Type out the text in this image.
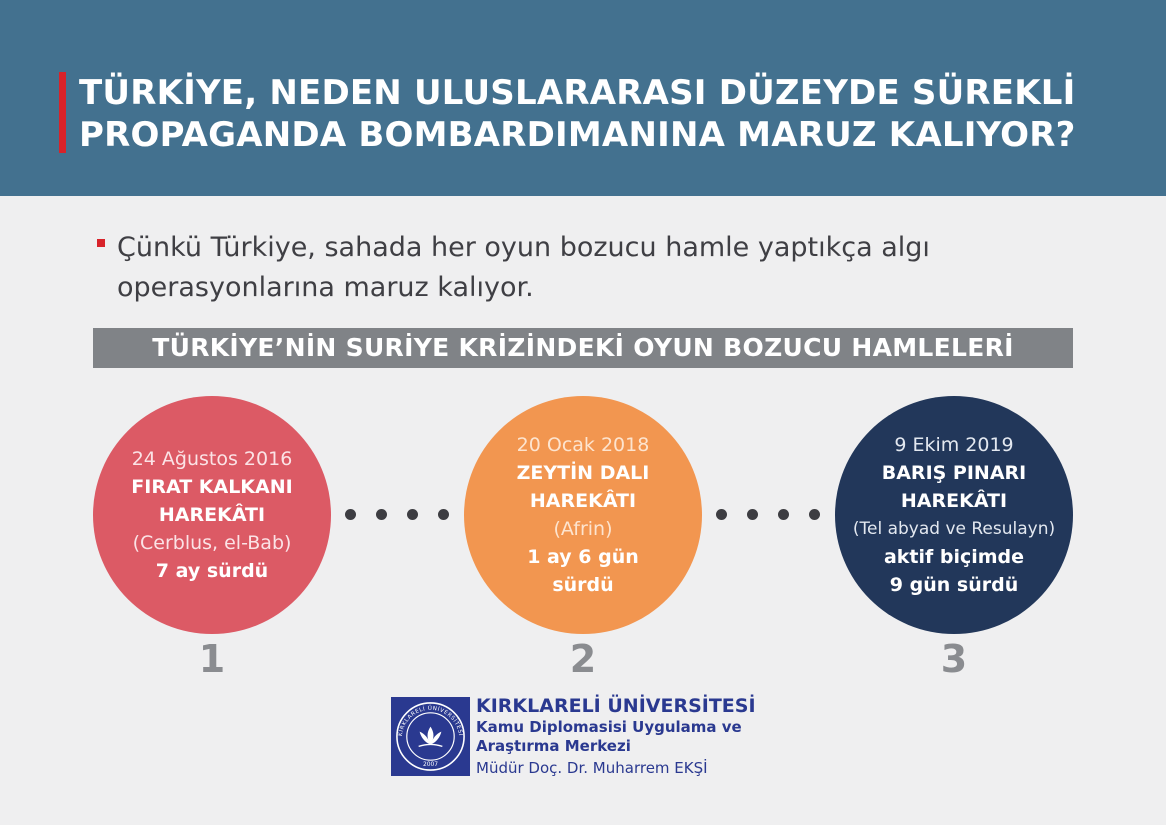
TÜRKİYE, NEDEN ULUSLARARASI DÜZEYDE SÜREKLİ
PROPAGANDA BOMBARDIMANINA MARUZ KALIYOR?
Çünkü Türkiye, sahada her oyun bozucu hamle yaptıkça algı
operasyonlarına maruz kalıyor.
TÜRKİYE’NİN SURİYE KRİZİNDEKİ OYUN BOZUCU HAMLELERİ
24 Ağustos 2016
FIRAT KALKANI
HAREKÂTI
(Cerblus, el-Bab)
7 ay sürdü
20 Ocak 2018
ZEYTİN DALI
HAREKÂTI
(Afrin)
1 ay 6 gün
sürdü
9 Ekim 2019
BARIŞ PINARI
HAREKÂTI
(Tel abyad ve Resulayn)
aktif biçimde
9 gün sürdü
1	2	3
KIRKLARELİ ÜNİVERSİTESİ
2007
KIRKLARELİ ÜNİVERSİTESİ
Kamu Diplomasisi Uygulama ve
Araştırma Merkezi
Müdür Doç. Dr. Muharrem EKŞİ
